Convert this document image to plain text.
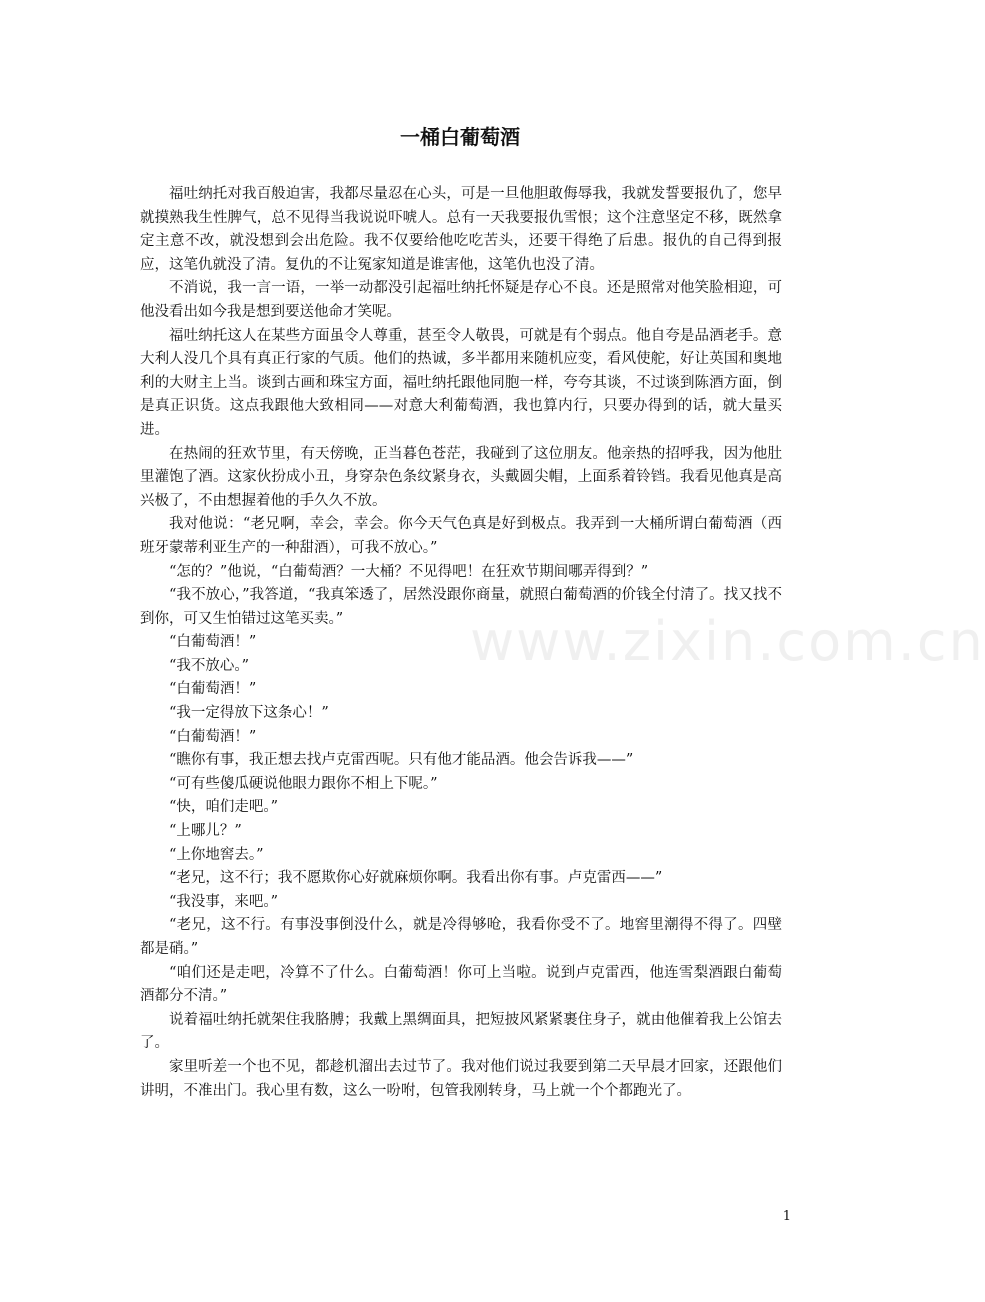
www.zixin.com.cn
一桶白葡萄酒

福吐纳托对我百般迫害，我都尽量忍在心头，可是一旦他胆敢侮辱我，我就发誓要报仇了，您早就摸熟我生性脾气，总不见得当我说说吓唬人。总有一天我要报仇雪恨；这个注意坚定不移，既然拿定主意不改，就没想到会出危险。我不仅要给他吃吃苦头，还要干得绝了后患。报仇的自己得到报应，这笔仇就没了清。复仇的不让冤家知道是谁害他，这笔仇也没了清。

不消说，我一言一语，一举一动都没引起福吐纳托怀疑是存心不良。还是照常对他笑脸相迎，可他没看出如今我是想到要送他命才笑呢。

福吐纳托这人在某些方面虽令人尊重，甚至令人敬畏，可就是有个弱点。他自夸是品酒老手。意大利人没几个具有真正行家的气质。他们的热诚，多半都用来随机应变，看风使舵，好让英国和奥地利的大财主上当。谈到古画和珠宝方面，福吐纳托跟他同胞一样，夸夸其谈，不过谈到陈酒方面，倒是真正识货。这点我跟他大致相同——对意大利葡萄酒，我也算内行，只要办得到的话，就大量买进。

在热闹的狂欢节里，有天傍晚，正当暮色苍茫，我碰到了这位朋友。他亲热的招呼我，因为他肚里灌饱了酒。这家伙扮成小丑，身穿杂色条纹紧身衣，头戴圆尖帽，上面系着铃铛。我看见他真是高兴极了，不由想握着他的手久久不放。

我对他说：“老兄啊，幸会，幸会。你今天气色真是好到极点。我弄到一大桶所谓白葡萄酒（西班牙蒙蒂利亚生产的一种甜酒），可我不放心。”

“怎的？”他说，“白葡萄酒？一大桶？不见得吧！在狂欢节期间哪弄得到？”

“我不放心，”我答道，“我真笨透了，居然没跟你商量，就照白葡萄酒的价钱全付清了。找又找不到你，可又生怕错过这笔买卖。”

“白葡萄酒！”

“我不放心。”

“白葡萄酒！”

“我一定得放下这条心！”

“白葡萄酒！”

“瞧你有事，我正想去找卢克雷西呢。只有他才能品酒。他会告诉我——”

“可有些傻瓜硬说他眼力跟你不相上下呢。”

“快，咱们走吧。”

“上哪儿？”

“上你地窖去。”

“老兄，这不行；我不愿欺你心好就麻烦你啊。我看出你有事。卢克雷西——”

“我没事，来吧。”

“老兄，这不行。有事没事倒没什么，就是冷得够呛，我看你受不了。地窖里潮得不得了。四壁都是硝。”

“咱们还是走吧，冷算不了什么。白葡萄酒！你可上当啦。说到卢克雷西，他连雪梨酒跟白葡萄酒都分不清。”

说着福吐纳托就架住我胳膊；我戴上黑绸面具，把短披风紧紧裹住身子，就由他催着我上公馆去了。

家里听差一个也不见，都趁机溜出去过节了。我对他们说过我要到第二天早晨才回家，还跟他们讲明，不准出门。我心里有数，这么一吩咐，包管我刚转身，马上就一个个都跑光了。

1
